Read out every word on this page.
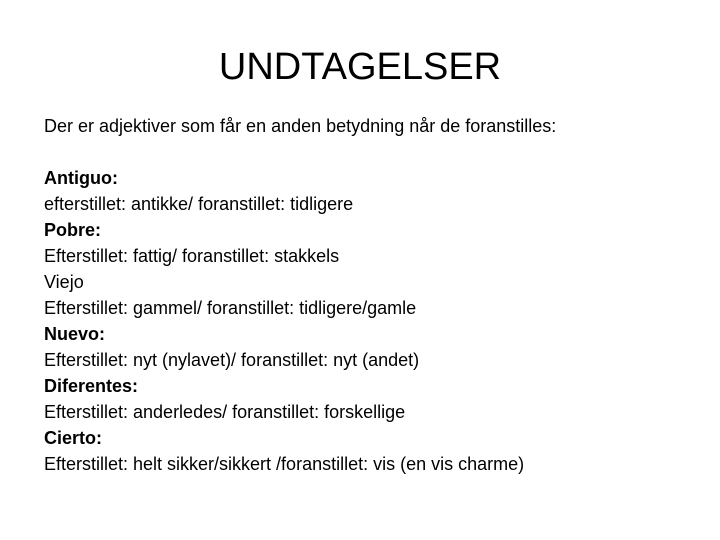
UNDTAGELSER

Der er adjektiver som får en anden betydning når de foranstilles:

Antiguo:
efterstillet: antikke/ foranstillet: tidligere
Pobre:
Efterstillet: fattig/ foranstillet: stakkels
Viejo
Efterstillet: gammel/ foranstillet: tidligere/gamle
Nuevo:
Efterstillet: nyt (nylavet)/ foranstillet: nyt (andet)
Diferentes:
Efterstillet: anderledes/ foranstillet: forskellige
Cierto:
Efterstillet: helt sikker/sikkert /foranstillet: vis (en vis charme)
